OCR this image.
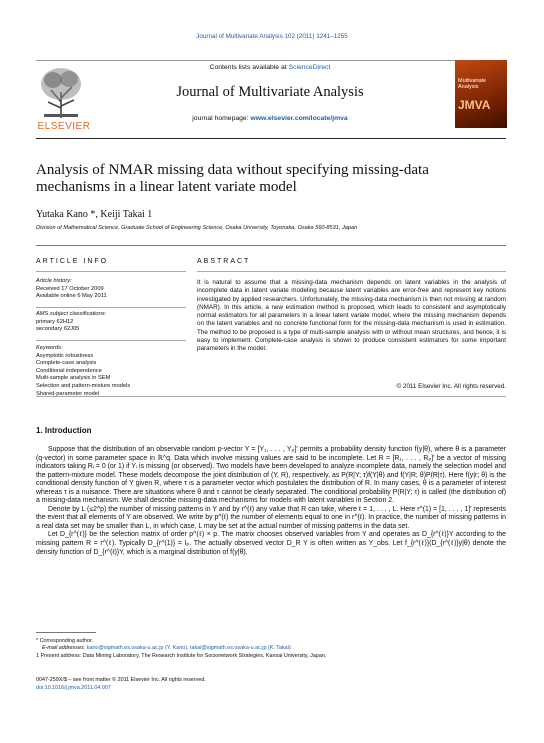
Journal of Multivariate Analysis 102 (2011) 1241–1255
ELSEVIER
Contents lists available at ScienceDirect
Journal of Multivariate Analysis
journal homepage: www.elsevier.com/locate/jmva
Multivariate Analysis
JMVA
Analysis of NMAR missing data without specifying missing-data mechanisms in a linear latent variate model
Yutaka Kano *, Keiji Takai 1
Division of Mathematical Science, Graduate School of Engineering Science, Osaka University, Toyonaka, Osaka 560-8531, Japan
ARTICLE INFO	ABSTRACT
Article history:
Received 17 October 2009
Available online 6 May 2011
AMS subject classifications:
primary 62H12
secondary 62J05
Keywords:
Asymptotic robustness
Complete-case analysis
Conditional independence
Multi-sample analysis in SEM
Selection and pattern-mixture models
Shared-parameter model
It is natural to assume that a missing-data mechanism depends on latent variables in the analysis of incomplete data in latent variate modeling because latent variables are error-free and represent key notions investigated by applied researchers. Unfortunately, the missing-data mechanism is then not missing at random (NMAR). In this article, a new estimation method is proposed, which leads to consistent and asymptotically normal estimators for all parameters in a linear latent variate model, where the missing mechanism depends on the latent variables and no concrete functional form for the missing-data mechanism is used in estimation. The method to be proposed is a type of multi-sample analysis with or without mean structures, and hence, it is easy to implement. Complete-case analysis is shown to produce consistent estimators for some important parameters in the model.
© 2011 Elsevier Inc. All rights reserved.
1. Introduction

Suppose that the distribution of an observable random p-vector Y = [Y₁, . . . , Yₚ]′ permits a probability density function f(y|θ), where θ is a parameter (q-vector) in some parameter space in ℝ^q. Data which involve missing values are said to be incomplete. Let R = [R₁, . . . , Rₚ]′ be a vector of missing indicators taking Rᵢ = 0 (or 1) if Yᵢ is missing (or observed). Two models have been developed to analyze incomplete data, namely the selection model and the pattern-mixture model. These models decompose the joint distribution of (Y, R), respectively, as P(R|Y; τ)f(Y|θ) and f(Y|R; θ)P(R|τ). Here f(y|r; θ) is the conditional density function of Y given R, where τ is a parameter vector which postulates the distribution of R. In many cases, θ is a parameter of interest whereas τ is a nuisance. There are situations where θ and τ cannot be clearly separated. The conditional probability P(R|Y; τ) is called (the distribution of) a missing-data mechanism. We shall describe missing-data mechanisms for models with latent variables in Section 2.

Denote by L (≤2^p) the number of missing patterns in Y and by r^(ℓ) any value that R can take, where ℓ = 1, . . . , L. Here r^(1) = [1, . . . , 1]′ represents the event that all elements of Y are observed. We write by p^(ℓ) the number of elements equal to one in r^(ℓ). In practice, the number of missing patterns in a real data set may be smaller than L, in which case, L may be set at the actual number of missing patterns in the data set.

Let D_{r^(ℓ)} be the selection matrix of order p^(ℓ) × p. The matrix chooses observed variables from Y and operates as D_{r^(ℓ)}Y according to the missing pattern R = r^(ℓ). Typically D_{r^(1)} = Iₚ. The actually observed vector D_R Y is often written as Y_obs. Let f_{r^(ℓ)}(D_{r^(ℓ)}y|θ) denote the density function of D_{r^(ℓ)}Y, which is a marginal distribution of f(y|θ).

* Corresponding author.
E-mail addresses: kano@sigmath.es.osaka-u.ac.jp (Y. Kano), takai@sigmath.es.osaka-u.ac.jp (K. Takai).
1 Present address: Data Mining Laboratory, The Research Institute for Socionetwork Strategies, Kansai University, Japan.
0047-259X/$ – see front matter © 2011 Elsevier Inc. All rights reserved.
doi:10.1016/j.jmva.2011.04.007
